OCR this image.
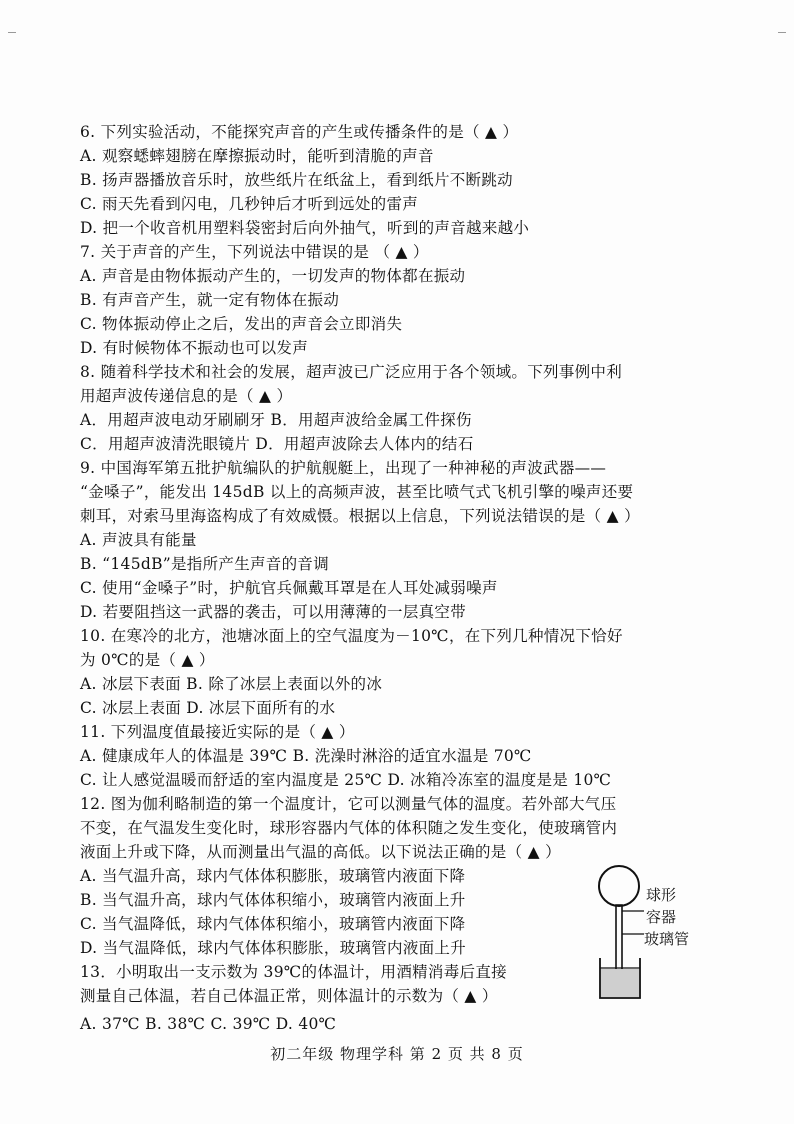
6. 下列实验活动，不能探究声音的产生或传播条件的是（ ▲ ）
A. 观察蟋蟀翅膀在摩擦振动时，能听到清脆的声音
B. 扬声器播放音乐时，放些纸片在纸盆上，看到纸片不断跳动
C. 雨天先看到闪电，几秒钟后才听到远处的雷声
D. 把一个收音机用塑料袋密封后向外抽气，听到的声音越来越小
7. 关于声音的产生，下列说法中错误的是 （ ▲ ）
A. 声音是由物体振动产生的，一切发声的物体都在振动
B. 有声音产生，就一定有物体在振动
C. 物体振动停止之后，发出的声音会立即消失
D. 有时候物体不振动也可以发声
8. 随着科学技术和社会的发展，超声波已广泛应用于各个领域。下列事例中利
用超声波传递信息的是（ ▲ ）
A．用超声波电动牙刷刷牙 B．用超声波给金属工件探伤
C．用超声波清洗眼镜片 D．用超声波除去人体内的结石
9. 中国海军第五批护航编队的护航舰艇上，出现了一种神秘的声波武器——
“金嗓子”，能发出 145dB 以上的高频声波，甚至比喷气式飞机引擎的噪声还要
刺耳，对索马里海盗构成了有效威慑。根据以上信息，下列说法错误的是（ ▲ ）
A. 声波具有能量
B. “145dB”是指所产生声音的音调
C. 使用“金嗓子”时，护航官兵佩戴耳罩是在人耳处减弱噪声
D. 若要阻挡这一武器的袭击，可以用薄薄的一层真空带
10. 在寒冷的北方，池塘冰面上的空气温度为－10℃，在下列几种情况下恰好
为 0℃的是（ ▲ ）
A. 冰层下表面 B. 除了冰层上表面以外的冰
C. 冰层上表面 D. 冰层下面所有的水
11. 下列温度值最接近实际的是（ ▲ ）
A. 健康成年人的体温是 39℃ B. 洗澡时淋浴的适宜水温是 70℃
C. 让人感觉温暖而舒适的室内温度是 25℃ D. 冰箱冷冻室的温度是是 10℃
12. 图为伽利略制造的第一个温度计，它可以测量气体的温度。若外部大气压
不变，在气温发生变化时，球形容器内气体的体积随之发生变化，使玻璃管内
液面上升或下降，从而测量出气温的高低。以下说法正确的是（ ▲ ）
A. 当气温升高，球内气体体积膨胀，玻璃管内液面下降
B. 当气温升高，球内气体体积缩小，玻璃管内液面上升
C. 当气温降低，球内气体体积缩小，玻璃管内液面下降
D. 当气温降低，球内气体体积膨胀，玻璃管内液面上升
13．小明取出一支示数为 39℃的体温计，用酒精消毒后直接
测量自己体温，若自己体温正常，则体温计的示数为（ ▲ ）
A. 37℃ B. 38℃ C. 39℃ D. 40℃
球形
容器
玻璃管
初二年级 物理学科 第 2 页 共 8 页
